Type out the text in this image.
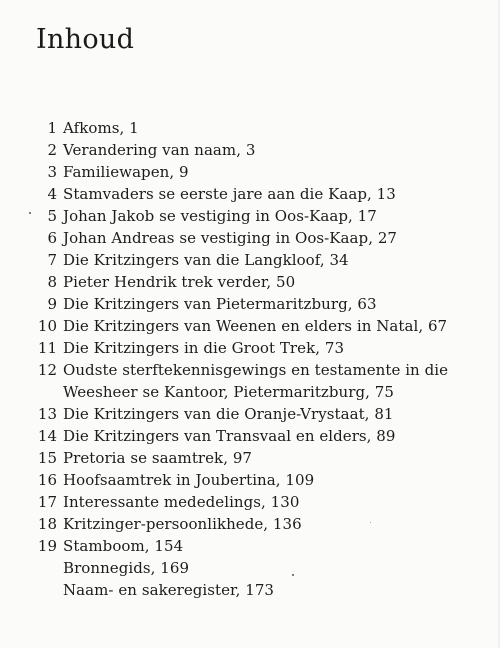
Inhoud
1 Afkoms, 1
2 Verandering van naam, 3
3 Familiewapen, 9
4 Stamvaders se eerste jare aan die Kaap, 13
5 Johan Jakob se vestiging in Oos-Kaap, 17
6 Johan Andreas se vestiging in Oos-Kaap, 27
7 Die Kritzingers van die Langkloof, 34
8 Pieter Hendrik trek verder, 50
9 Die Kritzingers van Pietermaritzburg, 63
10 Die Kritzingers van Weenen en elders in Natal, 67
11 Die Kritzingers in die Groot Trek, 73
12 Oudste sterftekennisgewings en testamente in die
Weesheer se Kantoor, Pietermaritzburg, 75
13 Die Kritzingers van die Oranje-Vrystaat, 81
14 Die Kritzingers van Transvaal en elders, 89
15 Pretoria se saamtrek, 97
16 Hoofsaamtrek in Joubertina, 109
17 Interessante mededelings, 130
18 Kritzinger-persoonlikhede, 136
19 Stamboom, 154
Bronnegids, 169
Naam- en sakeregister, 173
